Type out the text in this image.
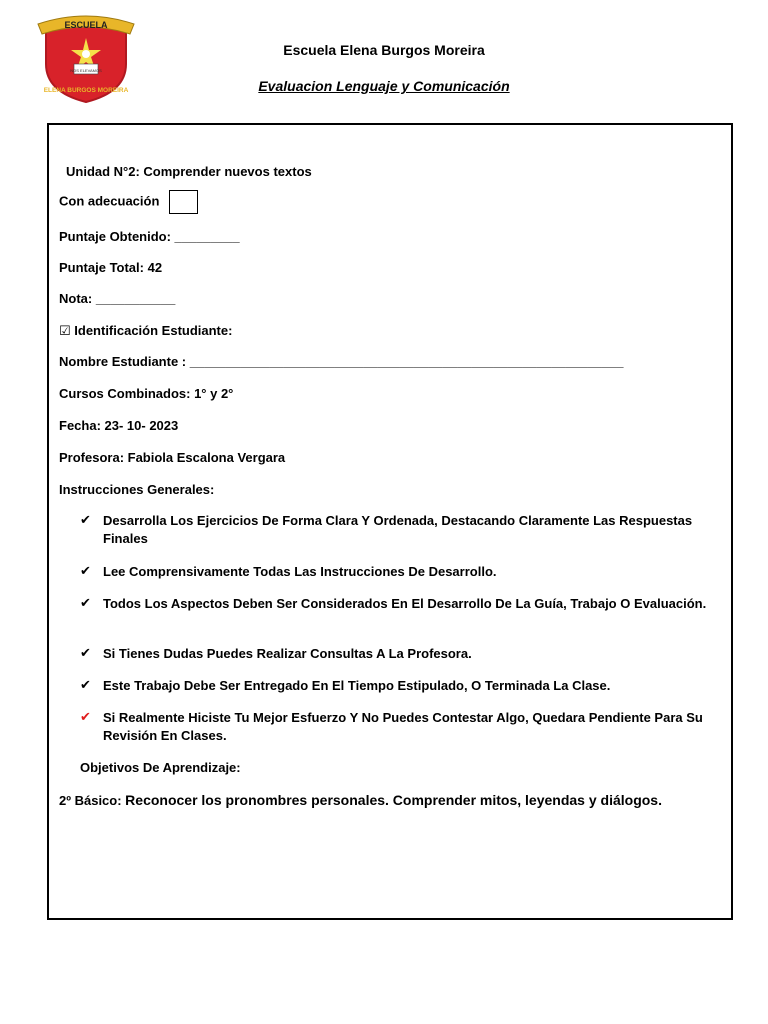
ESCUELA
NOS ELEVAMOS
ELENA BURGOS MOREIRA
Escuela Elena Burgos Moreira
Evaluacion Lenguaje y Comunicación
Unidad N°2: Comprender nuevos textos
Con adecuación
Puntaje Obtenido: _________
Puntaje Total: 42
Nota: ___________
☑ Identificación Estudiante:
Nombre Estudiante : ____________________________________________________________
Cursos Combinados: 1° y 2°
Fecha: 23- 10- 2023
Profesora: Fabiola Escalona Vergara
Instrucciones Generales:
✔ Desarrolla Los Ejercicios De Forma Clara Y Ordenada, Destacando Claramente Las Respuestas Finales
✔ Lee Comprensivamente Todas Las Instrucciones De Desarrollo.
✔ Todos Los Aspectos Deben Ser Considerados En El Desarrollo De La Guía, Trabajo O Evaluación.
✔ Si Tienes Dudas Puedes Realizar Consultas A La Profesora.
✔ Este Trabajo Debe Ser Entregado En El Tiempo Estipulado, O Terminada La Clase.
✔ Si Realmente Hiciste Tu Mejor Esfuerzo Y No Puedes Contestar Algo, Quedara Pendiente Para Su Revisión En Clases.
Objetivos De Aprendizaje:
2º Básico: Reconocer los pronombres personales. Comprender mitos, leyendas y diálogos.
